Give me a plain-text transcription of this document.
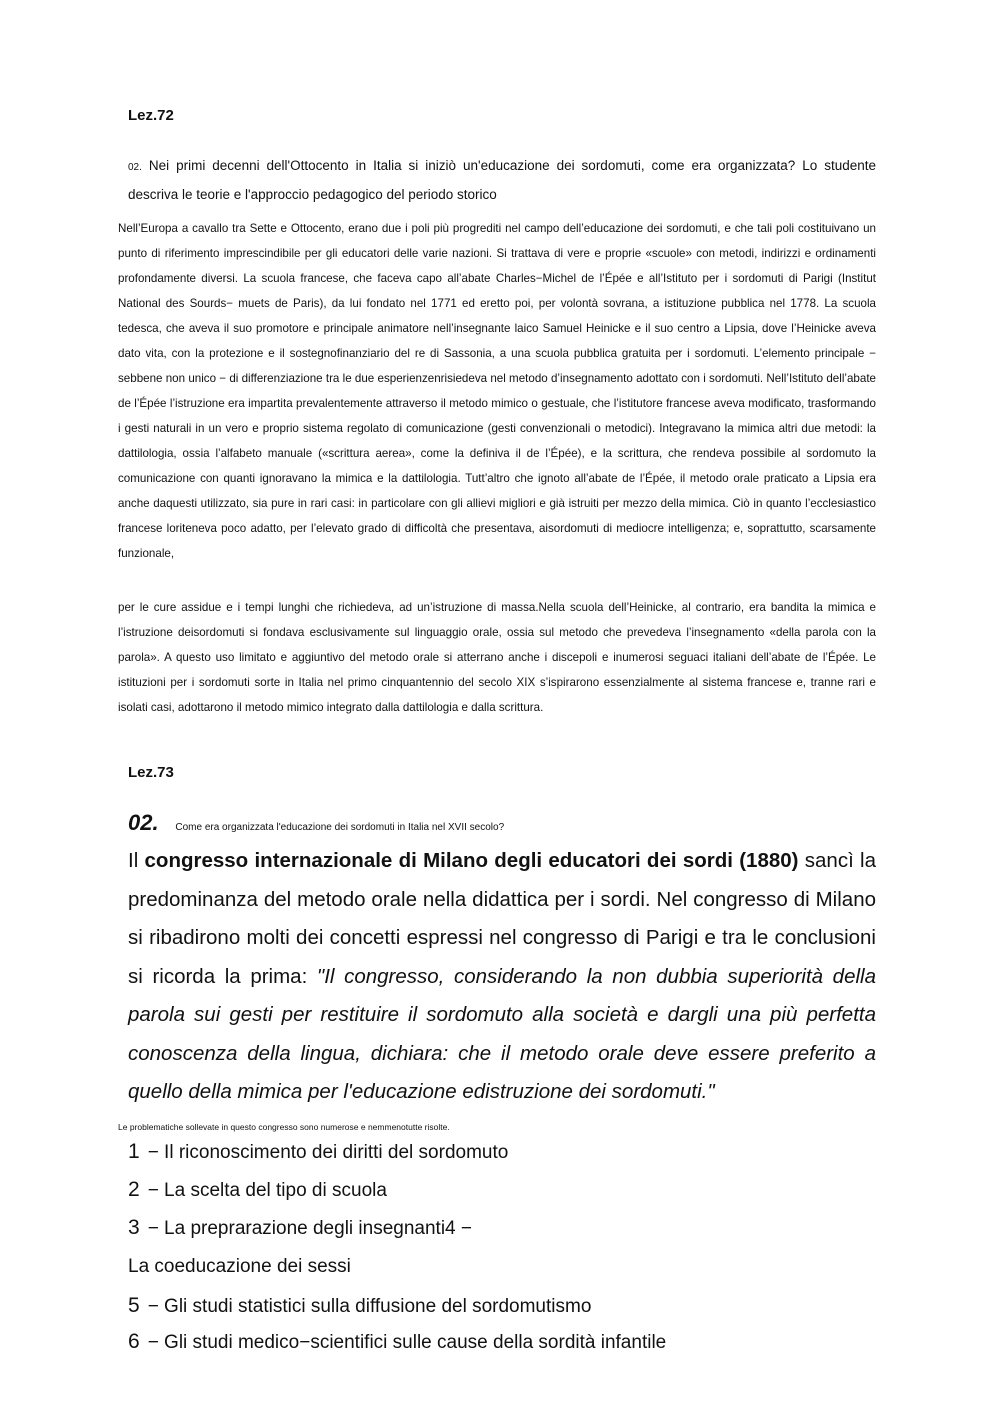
Lez.72
02. Nei primi decenni dell'Ottocento in Italia si iniziò un'educazione dei sordomuti, come era organizzata? Lo studente descriva le teorie e l'approccio pedagogico del periodo storico
Nell’Europa a cavallo tra Sette e Ottocento, erano due i poli più progrediti nel campo dell’educazione dei sordomuti, e che tali poli costituivano un punto di riferimento imprescindibile per gli educatori delle varie nazioni. Si trattava di vere e proprie «scuole» con metodi, indirizzi e ordinamenti profondamente diversi. La scuola francese, che faceva capo all’abate Charles−Michel de l’Épée e all’Istituto per i sordomuti di Parigi (Institut National des Sourds− muets de Paris), da lui fondato nel 1771 ed eretto poi, per volontà sovrana, a istituzione pubblica nel 1778. La scuola tedesca, che aveva il suo promotore e principale animatore nell’insegnante laico Samuel Heinicke e il suo centro a Lipsia, dove l’Heinicke aveva dato vita, con la protezione e il sostegnofinanziario del re di Sassonia, a una scuola pubblica gratuita per i sordomuti. L’elemento principale − sebbene non unico − di differenziazione tra le due esperienzenrisiedeva nel metodo d’insegnamento adottato con i sordomuti. Nell’Istituto dell’abate de l’Épée l’istruzione era impartita prevalentemente attraverso il metodo mimico o gestuale, che l’istitutore francese aveva modificato, trasformando i gesti naturali in un vero e proprio sistema regolato di comunicazione (gesti convenzionali o metodici). Integravano la mimica altri due metodi: la dattilologia, ossia l’alfabeto manuale («scrittura aerea», come la definiva il de l’Épée), e la scrittura, che rendeva possibile al sordomuto la comunicazione con quanti ignoravano la mimica e la dattilologia. Tutt’altro che ignoto all’abate de l’Épée, il metodo orale praticato a Lipsia era anche daquesti utilizzato, sia pure in rari casi: in particolare con gli allievi migliori e già istruiti per mezzo della mimica. Ciò in quanto l’ecclesiastico francese loriteneva poco adatto, per l’elevato grado di difficoltà che presentava, aisordomuti di mediocre intelligenza; e, soprattutto, scarsamente funzionale,
per le cure assidue e i tempi lunghi che richiedeva, ad un’istruzione di massa.Nella scuola dell’Heinicke, al contrario, era bandita la mimica e l’istruzione deisordomuti si fondava esclusivamente sul linguaggio orale, ossia sul metodo che prevedeva l’insegnamento «della parola con la parola». A questo uso limitato e aggiuntivo del metodo orale si atterrano anche i discepoli e inumerosi seguaci italiani dell’abate de l’Épée. Le istituzioni per i sordomuti sorte in Italia nel primo cinquantennio del secolo XIX s’ispirarono essenzialmente al sistema francese e, tranne rari e isolati casi, adottarono il metodo mimico integrato dalla dattilologia e dalla scrittura.
Lez.73
02. Come era organizzata l'educazione dei sordomuti in Italia nel XVII secolo?
Il congresso internazionale di Milano degli educatori dei sordi (1880) sancì la predominanza del metodo orale nella didattica per i sordi. Nel congresso di Milano si ribadirono molti dei concetti espressi nel congresso di Parigi e tra le conclusioni si ricorda la prima: "Il congresso, considerando la non dubbia superiorità della parola sui gesti per restituire il sordomuto alla società e dargli una più perfetta conoscenza della lingua, dichiara: che il metodo orale deve essere preferito a quello della mimica per l'educazione edistruzione dei sordomuti."
Le problematiche sollevate in questo congresso sono numerose e nemmenotutte risolte.
1 − Il riconoscimento dei diritti del sordomuto
2 − La scelta del tipo di scuola
3 − La preprarazione degli insegnanti4 −
La coeducazione dei sessi
5 − Gli studi statistici sulla diffusione del sordomutismo
6 − Gli studi medico−scientifici sulle cause della sordità infantile
